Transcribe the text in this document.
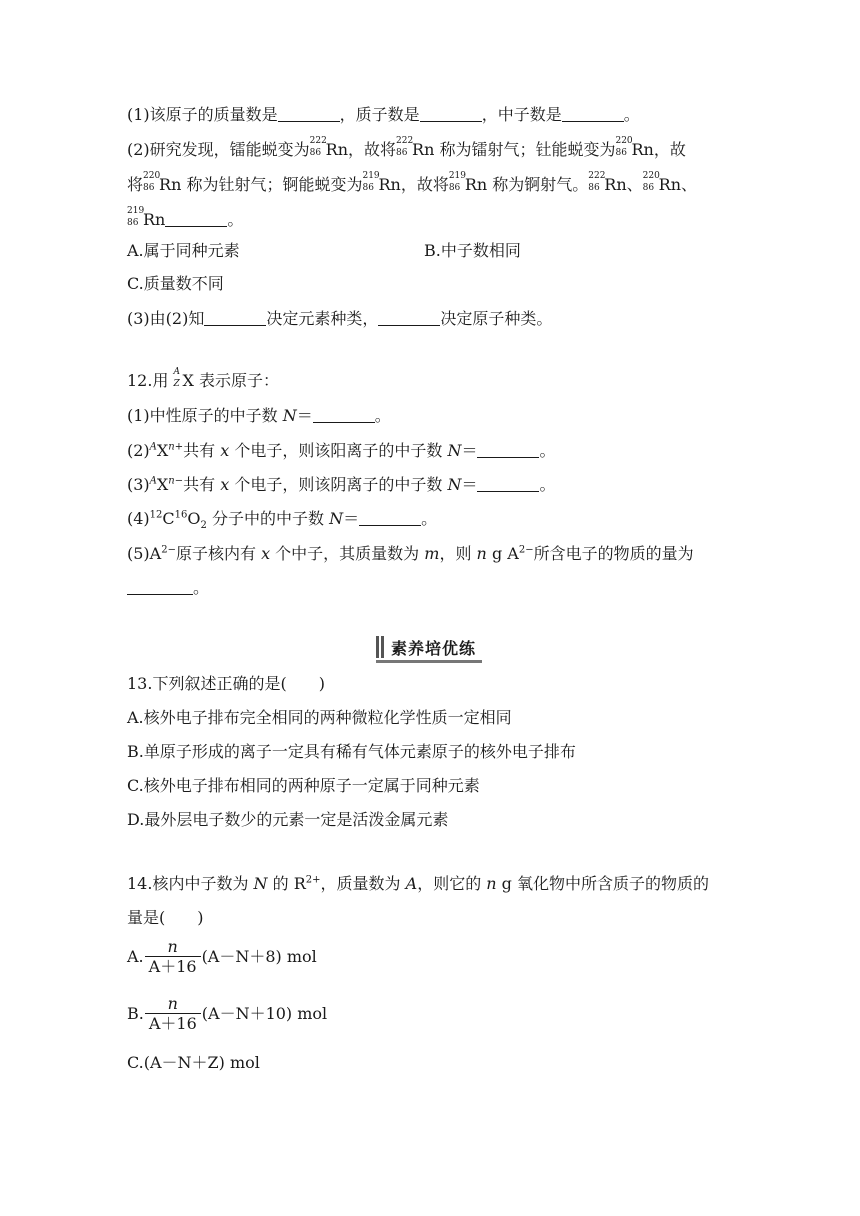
(1)该原子的质量数是	，质子数是	，中子数是	。
(2)研究发现，镭能蜕变为 222
86 Rn，故将 222
86 Rn 称为镭射气；钍能蜕变为 220
86 Rn，故
将 220
86 Rn 称为钍射气；锕能蜕变为 219
86 Rn，故将 219
86 Rn 称为锕射气。 222
86 Rn、 220
86 Rn、
219
86 Rn	。
A.属于同种元素	B.中子数相同
C.质量数不同
(3)由(2)知	决定元素种类，	决定原子种类。
12.用 A
Z X 表示原子：
(1)中性原子的中子数 N＝	。
$(2)^AX^{n+}$共有 x 个电子，则该阳离子的中子数 N＝	。
$(3)^AX^{n-}$共有 x 个电子，则该阴离子的中子数 N＝	。
$(4)^{12}C^{16}O_2$ 分子中的中子数 N＝	。
$(5)A^{2-}$原子核内有 x 个中子，其质量数为 m，则 n g $A^{2-}$所含电子的物质的量为
。
素养培优练
13.下列叙述正确的是(　　)
A.核外电子排布完全相同的两种微粒化学性质一定相同
B.单原子形成的离子一定具有稀有气体元素原子的核外电子排布
C.核外电子排布相同的两种原子一定属于同种元素
D.最外层电子数少的元素一定是活泼金属元素
14.核内中子数为 N 的 $R^{2+}$，质量数为 A，则它的 n g 氧化物中所含质子的物质的
量是(　　)
A. $\frac{n}{A+16} (A-N+8)$ mol
B. $\frac{n}{A+16} (A-N+10)$ mol
C.(A－N＋Z) mol
